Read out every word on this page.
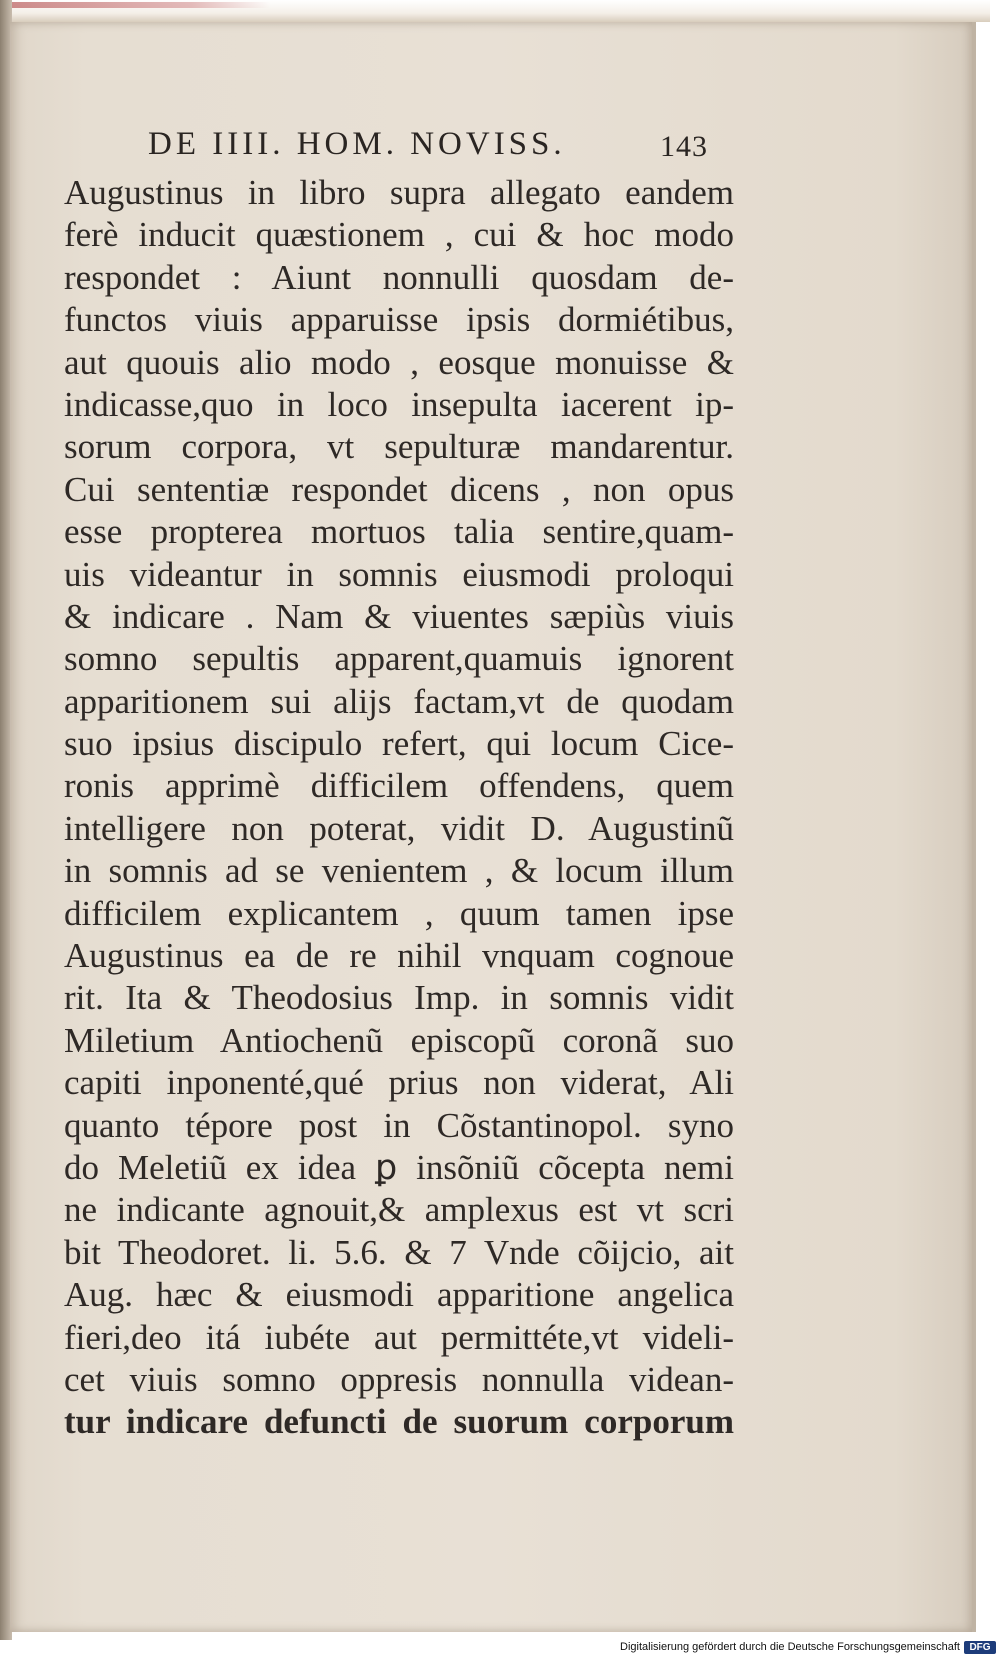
DE IIII. HOM. NOVISS.	143
Augustinus in libro supra allegato eandem
ferè inducit quæstionem , cui & hoc modo
respondet : Aiunt nonnulli quosdam de-
functos viuis apparuisse ipsis dormiétibus,
aut quouis alio modo , eosque monuisse &
indicasse,quo in loco insepulta iacerent ip-
sorum corpora, vt sepulturæ mandarentur.
Cui sententiæ respondet dicens , non opus
esse propterea mortuos talia sentire,quam-
uis videantur in somnis eiusmodi proloqui
& indicare . Nam & viuentes sæpiùs viuis
somno sepultis apparent,quamuis ignorent
apparitionem sui alijs factam,vt de quodam
suo ipsius discipulo refert, qui locum Cice-
ronis apprimè difficilem offendens, quem
intelligere non poterat, vidit D. Augustinũ
in somnis ad se venientem , & locum illum
difficilem explicantem , quum tamen ipse
Augustinus ea de re nihil vnquam cognoue
rit. Ita & Theodosius Imp. in somnis vidit
Miletium Antiochenũ episcopũ coronã suo
capiti inponenté,qué prius non viderat, Ali
quanto tépore post in Cõstantinopol. syno
do Meletiũ ex idea ꝑ insõniũ cõcepta nemi
ne indicante agnouit,& amplexus est vt scri
bit Theodoret. li. 5.6. & 7 Vnde cõijcio, ait
Aug. hæc & eiusmodi apparitione angelica
fieri,deo itá iubéte aut permittéte,vt videli-
cet viuis somno oppresis nonnulla videan-
tur indicare defuncti de suorum corporum
Digitalisierung gefördert durch die Deutsche Forschungsgemeinschaft DFG
